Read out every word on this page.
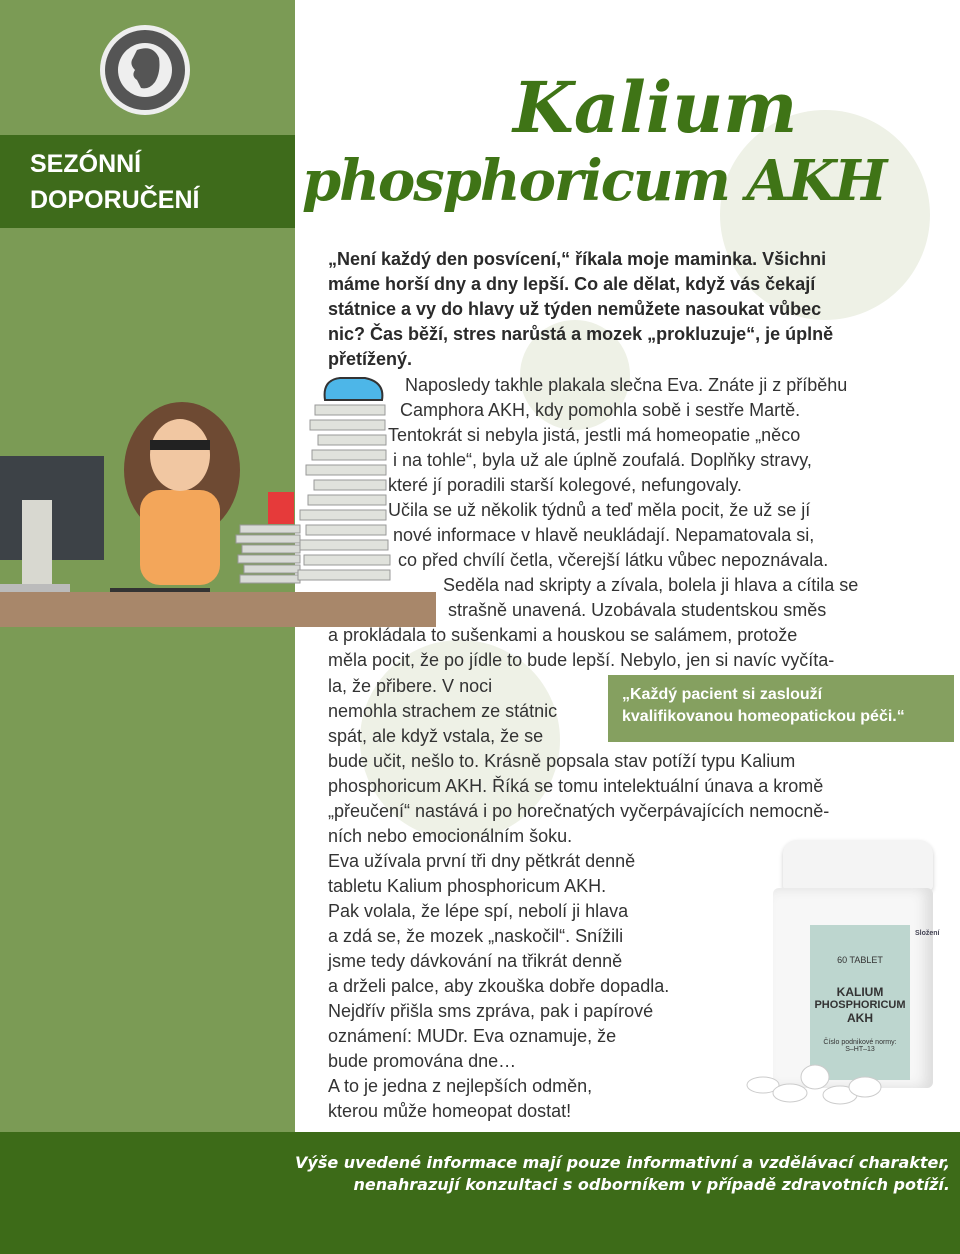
SEZÓNNÍ
DOPORUČENÍ
Kalium
phosphoricum AKH
„Není každý den posvícení,“ říkala moje maminka. Všichni
máme horší dny a dny lepší. Co ale dělat, když vás čekají
státnice a vy do hlavy už týden nemůžete nasoukat vůbec
nic? Čas běží, stres narůstá a mozek „prokluzuje“, je úplně
přetížený.
Naposledy takhle plakala slečna Eva. Znáte ji z příběhu
Camphora AKH, kdy pomohla sobě i sestře Martě.
Tentokrát si nebyla jistá, jestli má homeopatie „něco
i na tohle“, byla už ale úplně zoufalá. Doplňky stravy,
které jí poradili starší kolegové, nefungovaly.
Učila se už několik týdnů a teď měla pocit, že už se jí
nové informace v hlavě neukládají. Nepamatovala si,
co před chvílí četla, včerejší látku vůbec nepoznávala.
Seděla nad skripty a zívala, bolela ji hlava a cítila se
strašně unavená. Uzobávala studentskou směs
a prokládala to sušenkami a houskou se salámem, protože
měla pocit, že po jídle to bude lepší. Nebylo, jen si navíc vyčíta-
la, že přibere. V noci
nemohla strachem ze státnic
spát, ale když vstala, že se
bude učit, nešlo to. Krásně popsala stav potíží typu Kalium
phosphoricum AKH. Říká se tomu intelektuální únava a kromě
„přeučení“ nastává i po horečnatých vyčerpávajících nemocně-
ních nebo emocionálním šoku.
Eva užívala první tři dny pětkrát denně
tabletu Kalium phosphoricum AKH.
Pak volala, že lépe spí, nebolí ji hlava
a zdá se, že mozek „naskočil“. Snížili
jsme tedy dávkování na třikrát denně
a drželi palce, aby zkouška dobře dopadla.
Nejdřív přišla sms zpráva, pak i papírové
oznámení: MUDr. Eva oznamuje, že
bude promována dne…
A to je jedna z nejlepších odměn,
kterou může homeopat dostat!
„Každý pacient si zaslouží
kvalifikovanou homeopatickou péči.“
60 TABLET
KALIUM
PHOSPHORICUM
AKH
Číslo podnikové normy:
S–HT–13
Složení
Výše uvedené informace mají pouze informativní a vzdělávací charakter,
nenahrazují konzultaci s odborníkem v případě zdravotních potíží.
